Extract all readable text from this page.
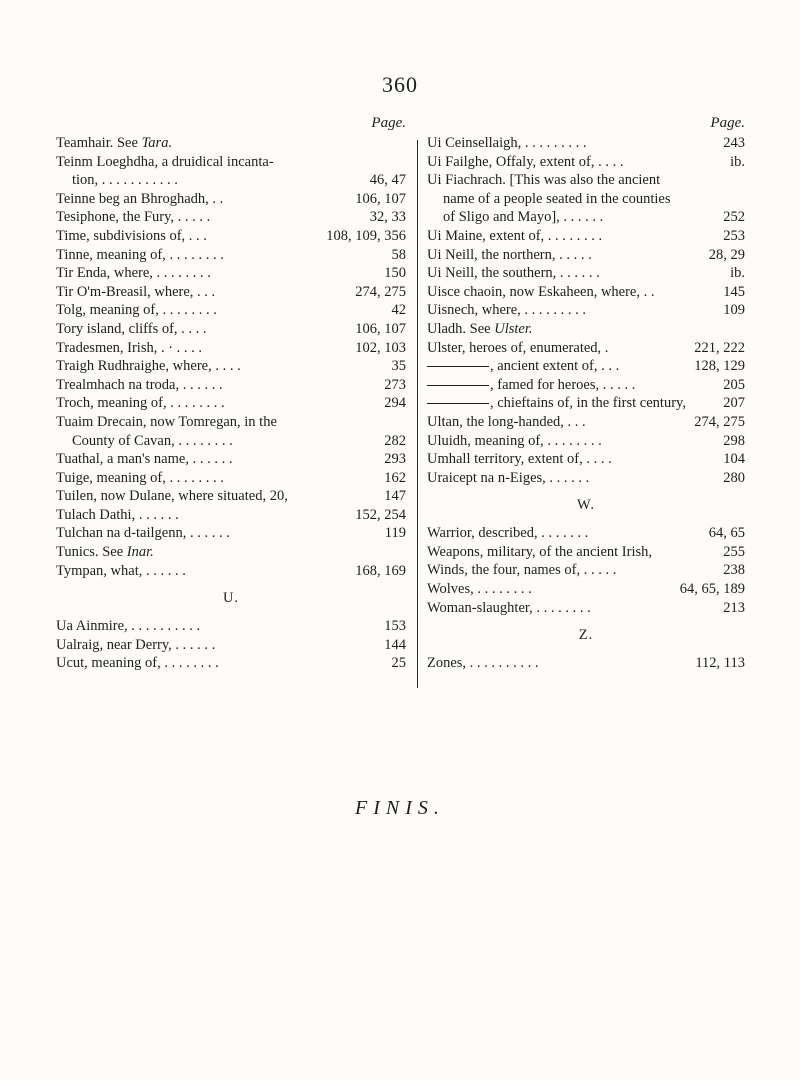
360
Page.
Teamhair. See Tara.
Teinm Loeghdha, a druidical incanta-
tion, . . . . . . . . . . .	46, 47
Teinne beg an Bhroghadh, . .	106, 107
Tesiphone, the Fury, . . . . .	32, 33
Time, subdivisions of, . . .	108, 109, 356
Tinne, meaning of, . . . . . . . .	58
Tir Enda, where, . . . . . . . .	150
Tir O'm-Breasil, where, . . .	274, 275
Tolg, meaning of, . . . . . . . .	42
Tory island, cliffs of, . . . .	106, 107
Tradesmen, Irish, . · . . . .	102, 103
Traigh Rudhraighe, where, . . . .	35
Trealmhach na troda, . . . . . .	273
Troch, meaning of, . . . . . . . .	294
Tuaim Drecain, now Tomregan, in the
County of Cavan, . . . . . . . .	282
Tuathal, a man's name, . . . . . .	293
Tuige, meaning of, . . . . . . . .	162
Tuilen, now Dulane, where situated, 20,	147
Tulach Dathi, . . . . . .	152, 254
Tulchan na d-tailgenn, . . . . . .	119
Tunics. See Inar.
Tympan, what, . . . . . .	168, 169
U.
Ua Ainmire, . . . . . . . . . .	153
Ualraig, near Derry, . . . . . .	144
Ucut, meaning of, . . . . . . . .	25
Page.
Ui Ceinsellaigh, . . . . . . . . .	243
Ui Failghe, Offaly, extent of, . . . .	ib.
Ui Fiachrach. [This was also the ancient
name of a people seated in the counties
of Sligo and Mayo], . . . . . .	252
Ui Maine, extent of, . . . . . . . .	253
Ui Neill, the northern, . . . . .	28, 29
Ui Neill, the southern, . . . . . .	ib.
Uisce chaoin, now Eskaheen, where, . .	145
Uisnech, where, . . . . . . . . .	109
Uladh. See Ulster.
Ulster, heroes of, enumerated, .	221, 222
, ancient extent of, . . .	128, 129
, famed for heroes, . . . . .	205
, chieftains of, in the first century,	207
Ultan, the long-handed, . . .	274, 275
Uluidh, meaning of, . . . . . . . .	298
Umhall territory, extent of, . . . .	104
Uraicept na n-Eiges, . . . . . .	280
W.
Warrior, described, . . . . . . .	64, 65
Weapons, military, of the ancient Irish,	255
Winds, the four, names of, . . . . .	238
Wolves, . . . . . . . .	64, 65, 189
Woman-slaughter, . . . . . . . .	213
Z.
Zones, . . . . . . . . . .	112, 113
FINIS.
